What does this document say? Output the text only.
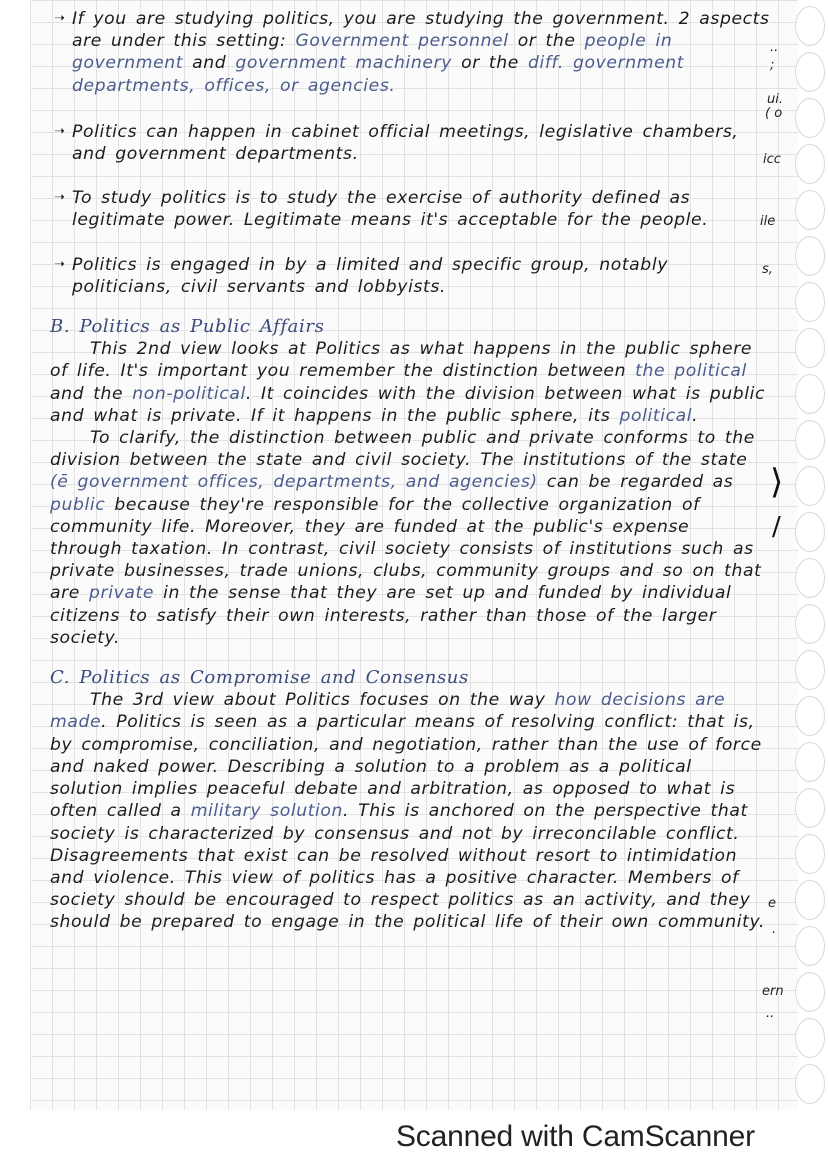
➝ If you are studying politics, you are studying the government. 2 aspects are under this setting: Government personnel or the people in government and government machinery or the diff. government departments, offices, or agencies.
➝ Politics can happen in cabinet official meetings, legislative chambers, and government departments.
➝ To study politics is to study the exercise of authority defined as legitimate power. Legitimate means it's acceptable for the people.
➝ Politics is engaged in by a limited and specific group, notably politicians, civil servants and lobbyists.
B. Politics as Public Affairs

This 2nd view looks at Politics as what happens in the public sphere of life. It's important you remember the distinction between the political and the non-political. It coincides with the division between what is public and what is private. If it happens in the public sphere, its political.

To clarify, the distinction between public and private conforms to the division between the state and civil society. The institutions of the state (ē government offices, departments, and agencies) can be regarded as public because they're responsible for the collective organization of community life. Moreover, they are funded at the public's expense through taxation. In contrast, civil society consists of institutions such as private businesses, trade unions, clubs, community groups and so on that are private in the sense that they are set up and funded by individual citizens to satisfy their own interests, rather than those of the larger society.

C. Politics as Compromise and Consensus

The 3rd view about Politics focuses on the way how decisions are made. Politics is seen as a particular means of resolving conflict: that is, by compromise, conciliation, and negotiation, rather than the use of force and naked power. Describing a solution to a problem as a political solution implies peaceful debate and arbitration, as opposed to what is often called a military solution. This is anchored on the perspective that society is characterized by consensus and not by irreconcilable conflict. Disagreements that exist can be resolved without resort to intimidation and violence. This view of politics has a positive character. Members of society should be encouraged to respect politics as an activity, and they should be prepared to engage in the political life of their own community.

⟩
/
..
;
ui.
( o
icc
ile
s,
e
.
ern
..
Scanned with CamScanner
